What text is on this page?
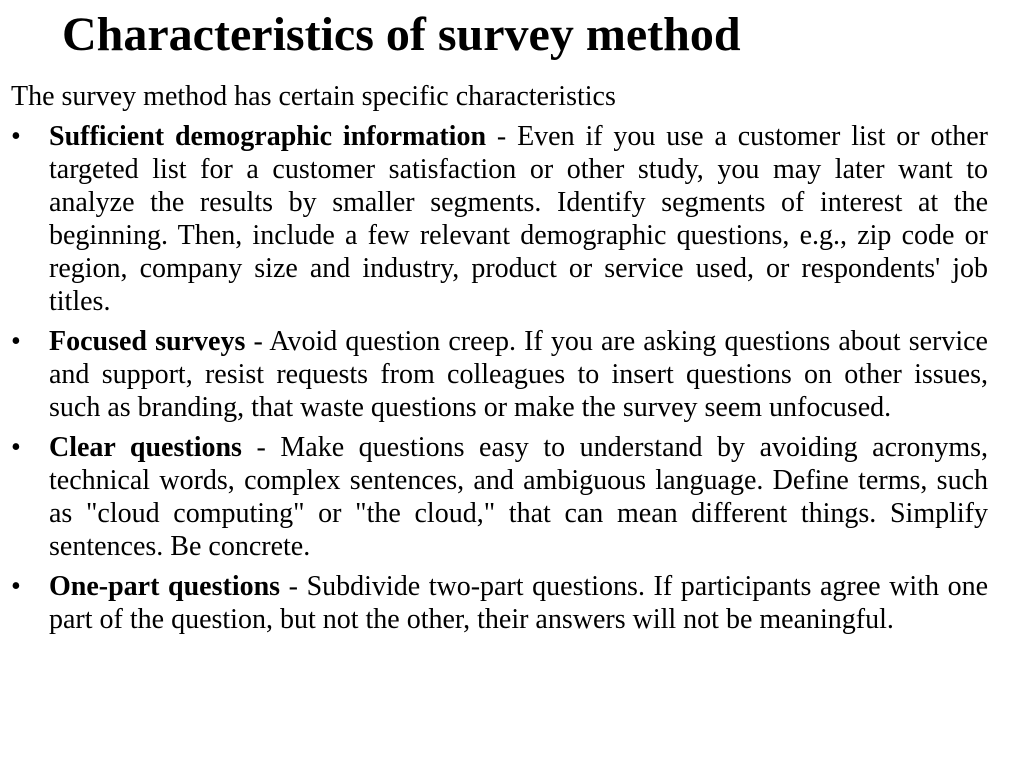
Characteristics of survey method

The survey method has certain specific characteristics

• Sufficient demographic information - Even if you use a customer list or other targeted list for a customer satisfaction or other study, you may later want to analyze the results by smaller segments. Identify segments of interest at the beginning. Then, include a few relevant demographic questions, e.g., zip code or region, company size and industry, product or service used, or respondents' job titles.
• Focused surveys - Avoid question creep. If you are asking questions about service and support, resist requests from colleagues to insert questions on other issues, such as branding, that waste questions or make the survey seem unfocused.
• Clear questions - Make questions easy to understand by avoiding acronyms, technical words, complex sentences, and ambiguous language. Define terms, such as "cloud computing" or "the cloud," that can mean different things. Simplify sentences. Be concrete.
• One-part questions - Subdivide two-part questions. If participants agree with one part of the question, but not the other, their answers will not be meaningful.
